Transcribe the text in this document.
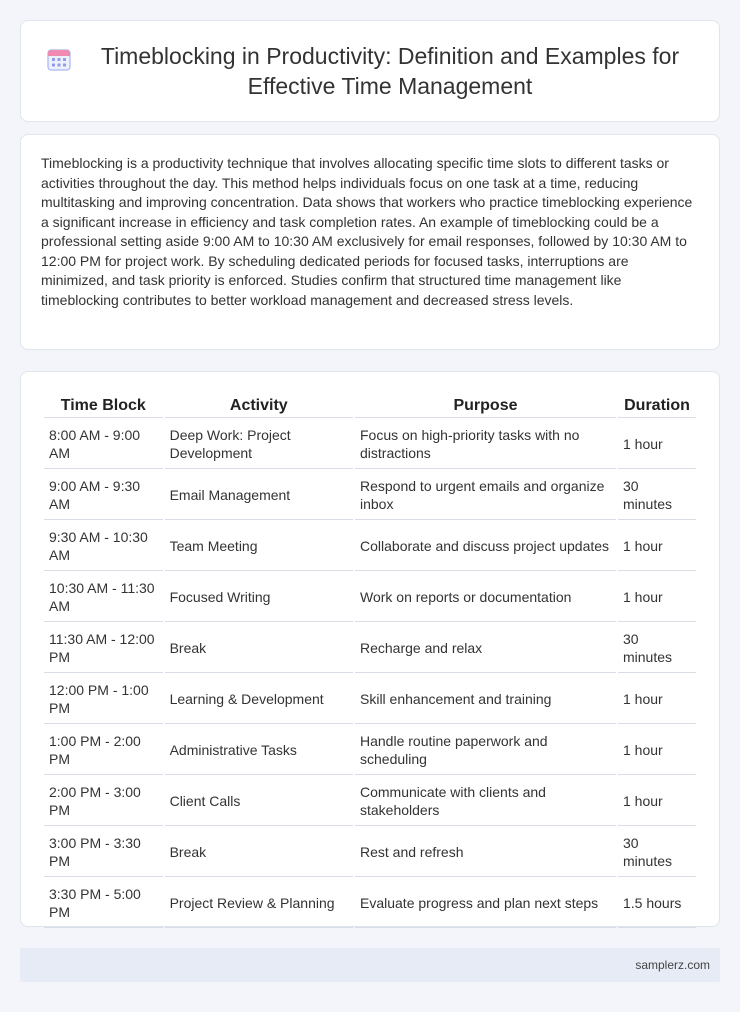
Timeblocking in Productivity: Definition and Examples for Effective Time Management

Timeblocking is a productivity technique that involves allocating specific time slots to different tasks or activities throughout the day. This method helps individuals focus on one task at a time, reducing multitasking and improving concentration. Data shows that workers who practice timeblocking experience a significant increase in efficiency and task completion rates. An example of timeblocking could be a professional setting aside 9:00 AM to 10:30 AM exclusively for email responses, followed by 10:30 AM to 12:00 PM for project work. By scheduling dedicated periods for focused tasks, interruptions are minimized, and task priority is enforced. Studies confirm that structured time management like timeblocking contributes to better workload management and decreased stress levels.

Time Block	Activity	Purpose	Duration
8:00 AM - 9:00 AM	Deep Work: Project Development	Focus on high-priority tasks with no distractions	1 hour
9:00 AM - 9:30 AM	Email Management	Respond to urgent emails and organize inbox	30 minutes
9:30 AM - 10:30 AM	Team Meeting	Collaborate and discuss project updates	1 hour
10:30 AM - 11:30 AM	Focused Writing	Work on reports or documentation	1 hour
11:30 AM - 12:00 PM	Break	Recharge and relax	30 minutes
12:00 PM - 1:00 PM	Learning & Development	Skill enhancement and training	1 hour
1:00 PM - 2:00 PM	Administrative Tasks	Handle routine paperwork and scheduling	1 hour
2:00 PM - 3:00 PM	Client Calls	Communicate with clients and stakeholders	1 hour
3:00 PM - 3:30 PM	Break	Rest and refresh	30 minutes
3:30 PM - 5:00 PM	Project Review & Planning	Evaluate progress and plan next steps	1.5 hours
samplerz.com
